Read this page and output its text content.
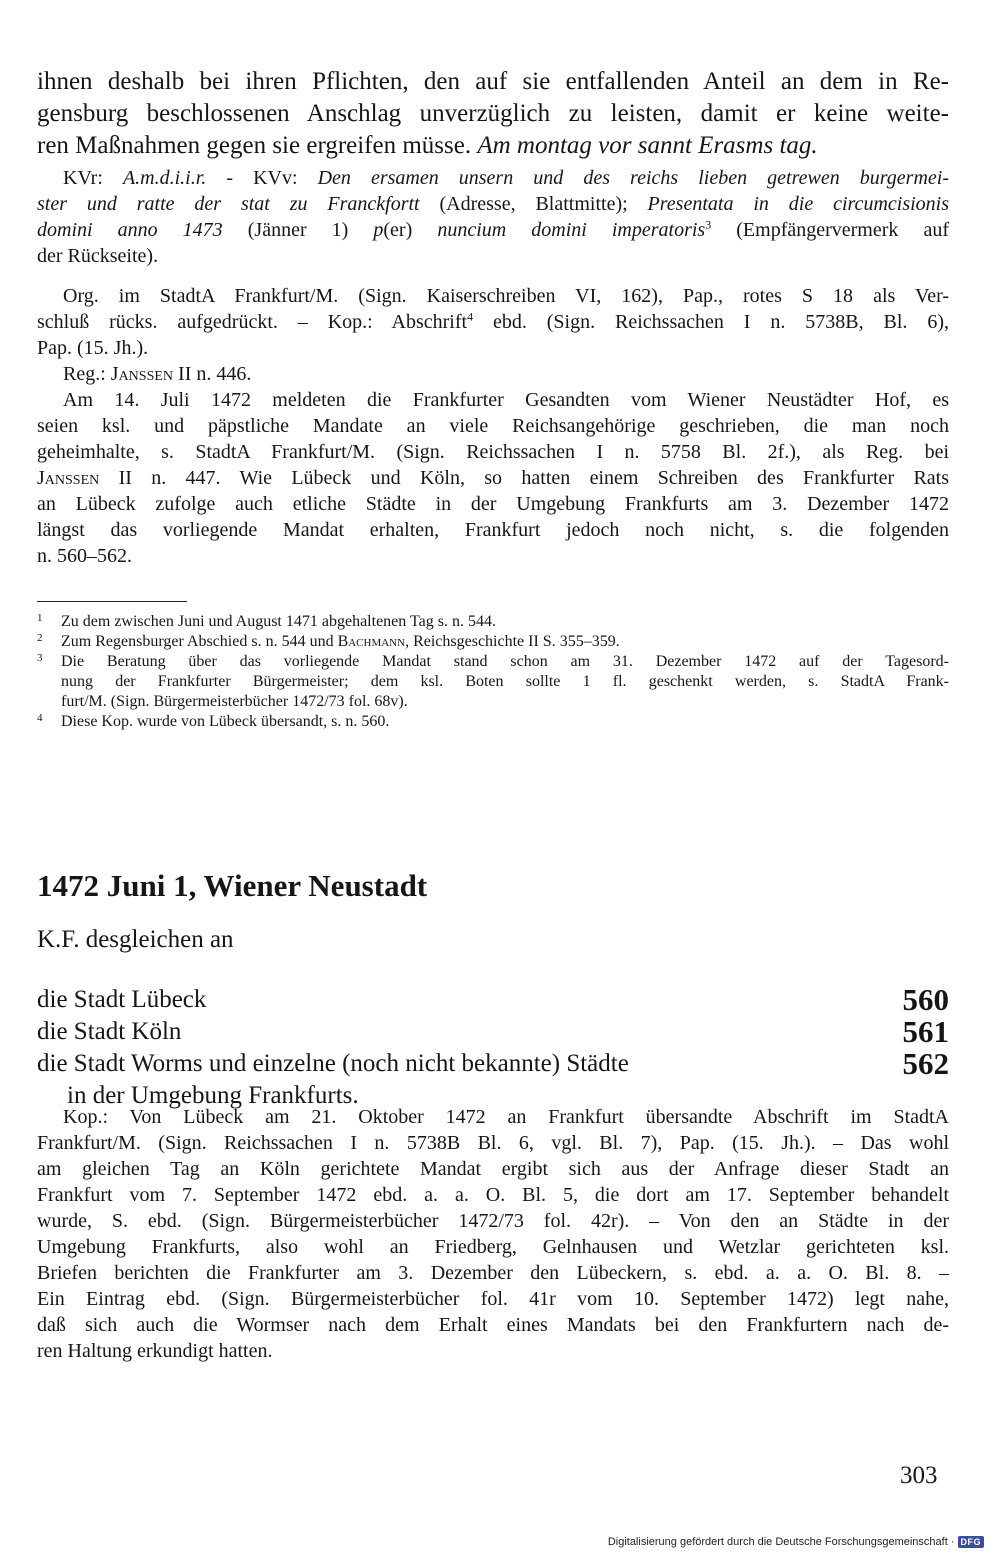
ihnen deshalb bei ihren Pflichten, den auf sie entfallenden Anteil an dem in Re-

gensburg beschlossenen Anschlag unverzüglich zu leisten, damit er keine weite-

ren Maßnahmen gegen sie ergreifen müsse. Am montag vor sannt Erasms tag.

KVr: A.m.d.i.i.r. - KVv: Den ersamen unsern und des reichs lieben getrewen burgermei-

ster und ratte der stat zu Franckfortt (Adresse, Blattmitte); Presentata in die circumcisionis

domini anno 1473 (Jänner 1) p(er) nuncium domini imperatoris$^3$ (Empfängervermerk auf

der Rückseite).

Org. im StadtA Frankfurt/M. (Sign. Kaiserschreiben VI, 162), Pap., rotes S 18 als Ver-

schluß rücks. aufgedrückt. – Kop.: Abschrift$^4$ ebd. (Sign. Reichssachen I n. 5738B, Bl. 6),

Pap. (15. Jh.).

Reg.: Janssen II n. 446.

Am 14. Juli 1472 meldeten die Frankfurter Gesandten vom Wiener Neustädter Hof, es

seien ksl. und päpstliche Mandate an viele Reichsangehörige geschrieben, die man noch

geheimhalte, s. StadtA Frankfurt/M. (Sign. Reichssachen I n. 5758 Bl. 2f.), als Reg. bei

Janssen II n. 447. Wie Lübeck und Köln, so hatten einem Schreiben des Frankfurter Rats

an Lübeck zufolge auch etliche Städte in der Umgebung Frankfurts am 3. Dezember 1472

längst das vorliegende Mandat erhalten, Frankfurt jedoch noch nicht, s. die folgenden

n. 560–562.

1 Zu dem zwischen Juni und August 1471 abgehaltenen Tag s. n. 544.

2 Zum Regensburger Abschied s. n. 544 und Bachmann, Reichsgeschichte II S. 355–359.

3 Die Beratung über das vorliegende Mandat stand schon am 31. Dezember 1472 auf der Tagesord-

nung der Frankfurter Bürgermeister; dem ksl. Boten sollte 1 fl. geschenkt werden, s. StadtA Frank-

furt/M. (Sign. Bürgermeisterbücher 1472/73 fol. 68v).

4 Diese Kop. wurde von Lübeck übersandt, s. n. 560.

1472 Juni 1, Wiener Neustadt

K.F. desgleichen an

die Stadt Lübeck	560
die Stadt Köln	561
die Stadt Worms und einzelne (noch nicht bekannte) Städte	562
in der Umgebung Frankfurts.

Kop.: Von Lübeck am 21. Oktober 1472 an Frankfurt übersandte Abschrift im StadtA

Frankfurt/M. (Sign. Reichssachen I n. 5738B Bl. 6, vgl. Bl. 7), Pap. (15. Jh.). – Das wohl

am gleichen Tag an Köln gerichtete Mandat ergibt sich aus der Anfrage dieser Stadt an

Frankfurt vom 7. September 1472 ebd. a. a. O. Bl. 5, die dort am 17. September behandelt

wurde, S. ebd. (Sign. Bürgermeisterbücher 1472/73 fol. 42r). – Von den an Städte in der

Umgebung Frankfurts, also wohl an Friedberg, Gelnhausen und Wetzlar gerichteten ksl.

Briefen berichten die Frankfurter am 3. Dezember den Lübeckern, s. ebd. a. a. O. Bl. 8. –

Ein Eintrag ebd. (Sign. Bürgermeisterbücher fol. 41r vom 10. September 1472) legt nahe,

daß sich auch die Wormser nach dem Erhalt eines Mandats bei den Frankfurtern nach de-

ren Haltung erkundigt hatten.

303
Digitalisierung gefördert durch die Deutsche Forschungsgemeinschaft · DFG
